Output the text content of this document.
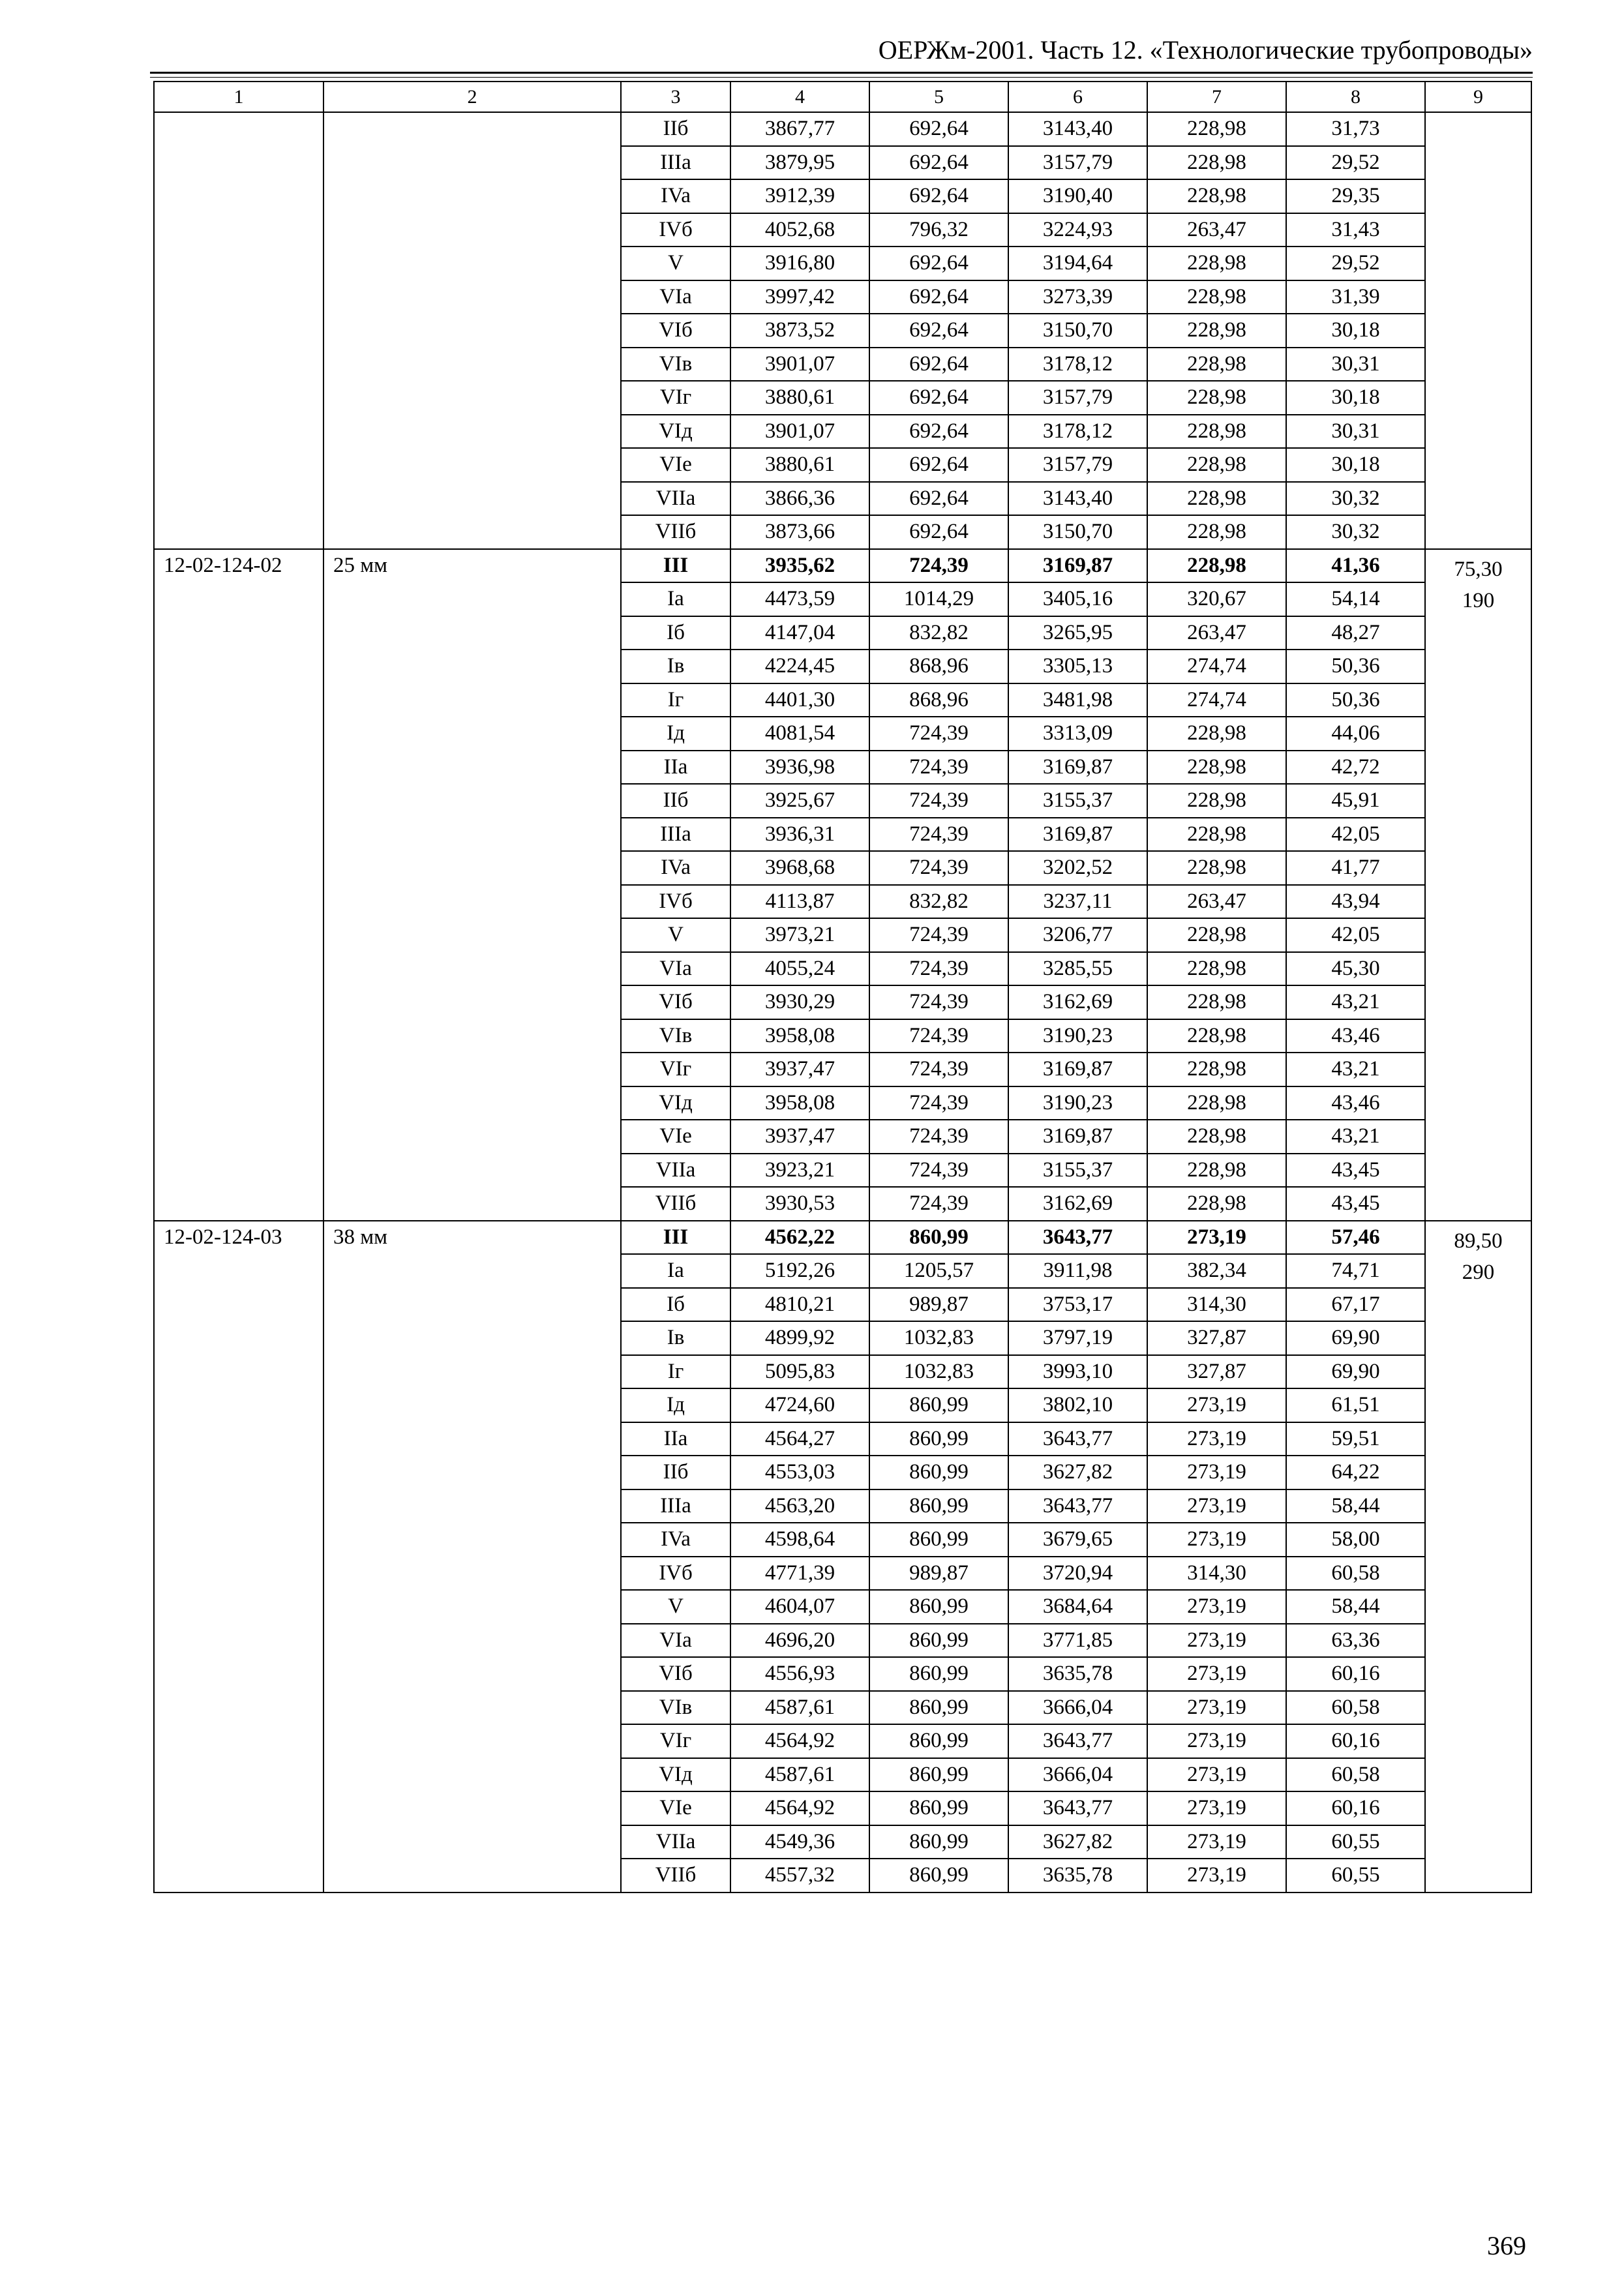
ОЕРЖм-2001. Часть 12. «Технологические трубопроводы»
1	2	3	4	5	6	7	8	9
		IIб	3867,77	692,64	3143,40	228,98	31,73	
		IIIa	3879,95	692,64	3157,79	228,98	29,52	
		IVa	3912,39	692,64	3190,40	228,98	29,35	
		IVб	4052,68	796,32	3224,93	263,47	31,43	
		V	3916,80	692,64	3194,64	228,98	29,52	
		VIa	3997,42	692,64	3273,39	228,98	31,39	
		VIб	3873,52	692,64	3150,70	228,98	30,18	
		VIв	3901,07	692,64	3178,12	228,98	30,31	
		VIг	3880,61	692,64	3157,79	228,98	30,18	
		VIд	3901,07	692,64	3178,12	228,98	30,31	
		VIe	3880,61	692,64	3157,79	228,98	30,18	
		VIIa	3866,36	692,64	3143,40	228,98	30,32	
		VIIб	3873,66	692,64	3150,70	228,98	30,32	
12-02-124-02	25 мм	III	3935,62	724,39	3169,87	228,98	41,36	75,30
190

		Ia	4473,59	1014,29	3405,16	320,67	54,14	
		Iб	4147,04	832,82	3265,95	263,47	48,27	
		Iв	4224,45	868,96	3305,13	274,74	50,36	
		Iг	4401,30	868,96	3481,98	274,74	50,36	
		Iд	4081,54	724,39	3313,09	228,98	44,06	
		IIa	3936,98	724,39	3169,87	228,98	42,72	
		IIб	3925,67	724,39	3155,37	228,98	45,91	
		IIIa	3936,31	724,39	3169,87	228,98	42,05	
		IVa	3968,68	724,39	3202,52	228,98	41,77	
		IVб	4113,87	832,82	3237,11	263,47	43,94	
		V	3973,21	724,39	3206,77	228,98	42,05	
		VIa	4055,24	724,39	3285,55	228,98	45,30	
		VIб	3930,29	724,39	3162,69	228,98	43,21	
		VIв	3958,08	724,39	3190,23	228,98	43,46	
		VIг	3937,47	724,39	3169,87	228,98	43,21	
		VIд	3958,08	724,39	3190,23	228,98	43,46	
		VIe	3937,47	724,39	3169,87	228,98	43,21	
		VIIa	3923,21	724,39	3155,37	228,98	43,45	
		VIIб	3930,53	724,39	3162,69	228,98	43,45	
12-02-124-03	38 мм	III	4562,22	860,99	3643,77	273,19	57,46	89,50
290

		Ia	5192,26	1205,57	3911,98	382,34	74,71	
		Iб	4810,21	989,87	3753,17	314,30	67,17	
		Iв	4899,92	1032,83	3797,19	327,87	69,90	
		Iг	5095,83	1032,83	3993,10	327,87	69,90	
		Iд	4724,60	860,99	3802,10	273,19	61,51	
		IIa	4564,27	860,99	3643,77	273,19	59,51	
		IIб	4553,03	860,99	3627,82	273,19	64,22	
		IIIa	4563,20	860,99	3643,77	273,19	58,44	
		IVa	4598,64	860,99	3679,65	273,19	58,00	
		IVб	4771,39	989,87	3720,94	314,30	60,58	
		V	4604,07	860,99	3684,64	273,19	58,44	
		VIa	4696,20	860,99	3771,85	273,19	63,36	
		VIб	4556,93	860,99	3635,78	273,19	60,16	
		VIв	4587,61	860,99	3666,04	273,19	60,58	
		VIг	4564,92	860,99	3643,77	273,19	60,16	
		VIд	4587,61	860,99	3666,04	273,19	60,58	
		VIe	4564,92	860,99	3643,77	273,19	60,16	
		VIIa	4549,36	860,99	3627,82	273,19	60,55	
		VIIб	4557,32	860,99	3635,78	273,19	60,55	
369
